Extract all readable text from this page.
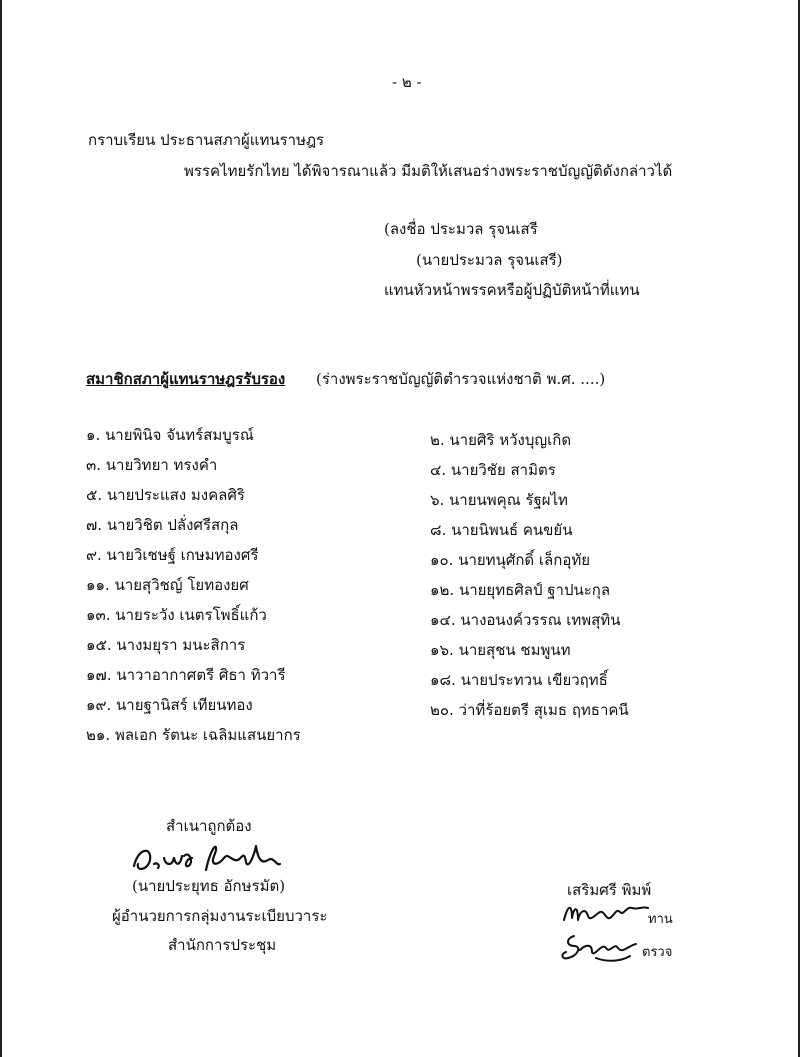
- ๒ -
กราบเรียน ประธานสภาผู้แทนราษฎร
พรรคไทยรักไทย ได้พิจารณาแล้ว มีมติให้เสนอร่างพระราชบัญญัติดังกล่าวได้
(ลงชื่อ ประมวล รุจนเสรี
(นายประมวล รุจนเสรี)
แทนหัวหน้าพรรคหรือผู้ปฏิบัติหน้าที่แทน
สมาชิกสภาผู้แทนราษฎรรับรอง (ร่างพระราชบัญญัติตำรวจแห่งชาติ พ.ศ. ....)
๑. นายพินิจ จันทร์สมบูรณ์
๓. นายวิทยา ทรงคำ
๕. นายประแสง มงคลศิริ
๗. นายวิชิต ปลั่งศรีสกุล
๙. นายวิเชษฐ์ เกษมทองศรี
๑๑. นายสุวิชญ์ โยทองยศ
๑๓. นายระวัง เนตรโพธิ์แก้ว
๑๕. นางมยุรา มนะสิการ
๑๗. นาวาอากาศตรี ศิธา ทิวารี
๑๙. นายฐานิสร์ เทียนทอง
๒๑. พลเอก รัตนะ เฉลิมแสนยากร
๒. นายศิริ หวังบุญเกิด
๔. นายวิชัย สามิตร
๖. นายนพคุณ รัฐผไท
๘. นายนิพนธ์ คนขยัน
๑๐. นายทนุศักดิ์ เล็กอุทัย
๑๒. นายยุทธศิลป์ ฐาปนะกุล
๑๔. นางอนงค์วรรณ เทพสุทิน
๑๖. นายสุชน ชมพูนท
๑๘. นายประทวน เขียวฤทธิ์
๒๐. ว่าที่ร้อยตรี สุเมธ ฤทธาคนี
สำเนาถูกต้อง
(นายประยุทธ อักษรมัต)
ผู้อำนวยการกลุ่มงานระเบียบวาระ
สำนักการประชุม
เสริมศรี พิมพ์
ทาน
ตรวจ
